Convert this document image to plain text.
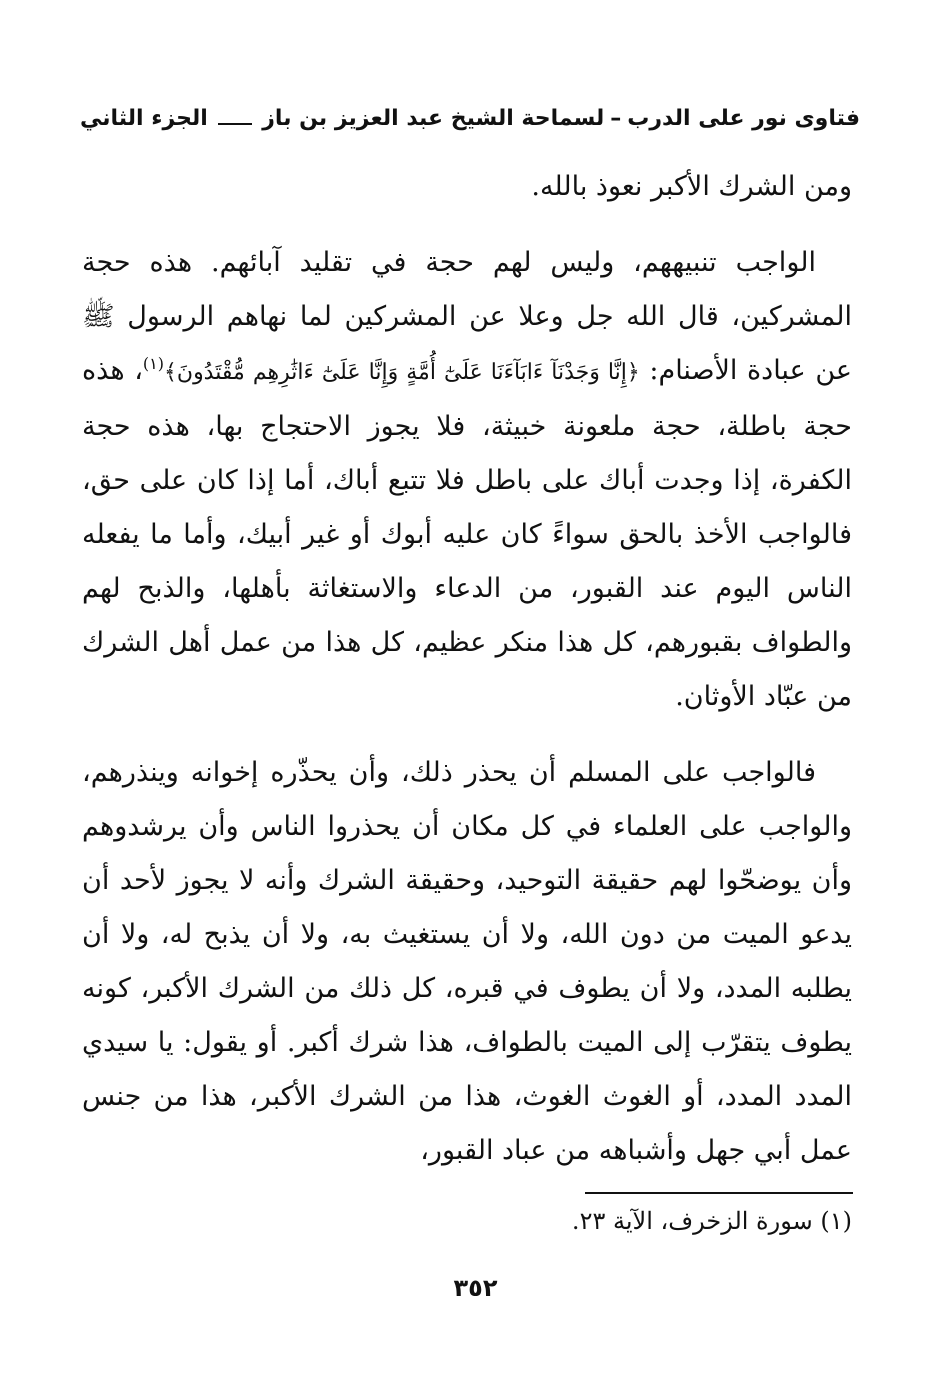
فتاوى نور على الدرب
–
لسماحة الشيخ عبد العزيز بن باز
الجزء الثاني

ومن الشرك الأكبر نعوذ بالله.

الواجب تنبيههم، وليس لهم حجة في تقليد آبائهم. هذه حجة المشركين، قال الله جل وعلا عن المشركين لما نهاهم الرسول ﷺ عن عبادة الأصنام: ﴿إِنَّا وَجَدْنَآ ءَابَآءَنَا عَلَىٰٓ أُمَّةٍ وَإِنَّا عَلَىٰٓ ءَاثَٰرِهِم مُّقْتَدُونَ﴾$^{(١)}$، هذه حجة باطلة، حجة ملعونة خبيثة، فلا يجوز الاحتجاج بها، هذه حجة الكفرة، إذا وجدت أباك على باطل فلا تتبع أباك، أما إذا كان على حق، فالواجب الأخذ بالحق سواءً كان عليه أبوك أو غير أبيك، وأما ما يفعله الناس اليوم عند القبور، من الدعاء والاستغاثة بأهلها، والذبح لهم والطواف بقبورهم، كل هذا منكر عظيم، كل هذا من عمل أهل الشرك من عبّاد الأوثان.

فالواجب على المسلم أن يحذر ذلك، وأن يحذّره إخوانه وينذرهم، والواجب على العلماء في كل مكان أن يحذروا الناس وأن يرشدوهم وأن يوضحّوا لهم حقيقة التوحيد، وحقيقة الشرك وأنه لا يجوز لأحد أن يدعو الميت من دون الله، ولا أن يستغيث به، ولا أن يذبح له، ولا أن يطلبه المدد، ولا أن يطوف في قبره، كل ذلك من الشرك الأكبر، كونه يطوف يتقرّب إلى الميت بالطواف، هذا شرك أكبر. أو يقول: يا سيدي المدد المدد، أو الغوث الغوث، هذا من الشرك الأكبر، هذا من جنس عمل أبي جهل وأشباهه من عباد القبور،

(١) سورة الزخرف، الآية ٢٣.
٣٥٢
